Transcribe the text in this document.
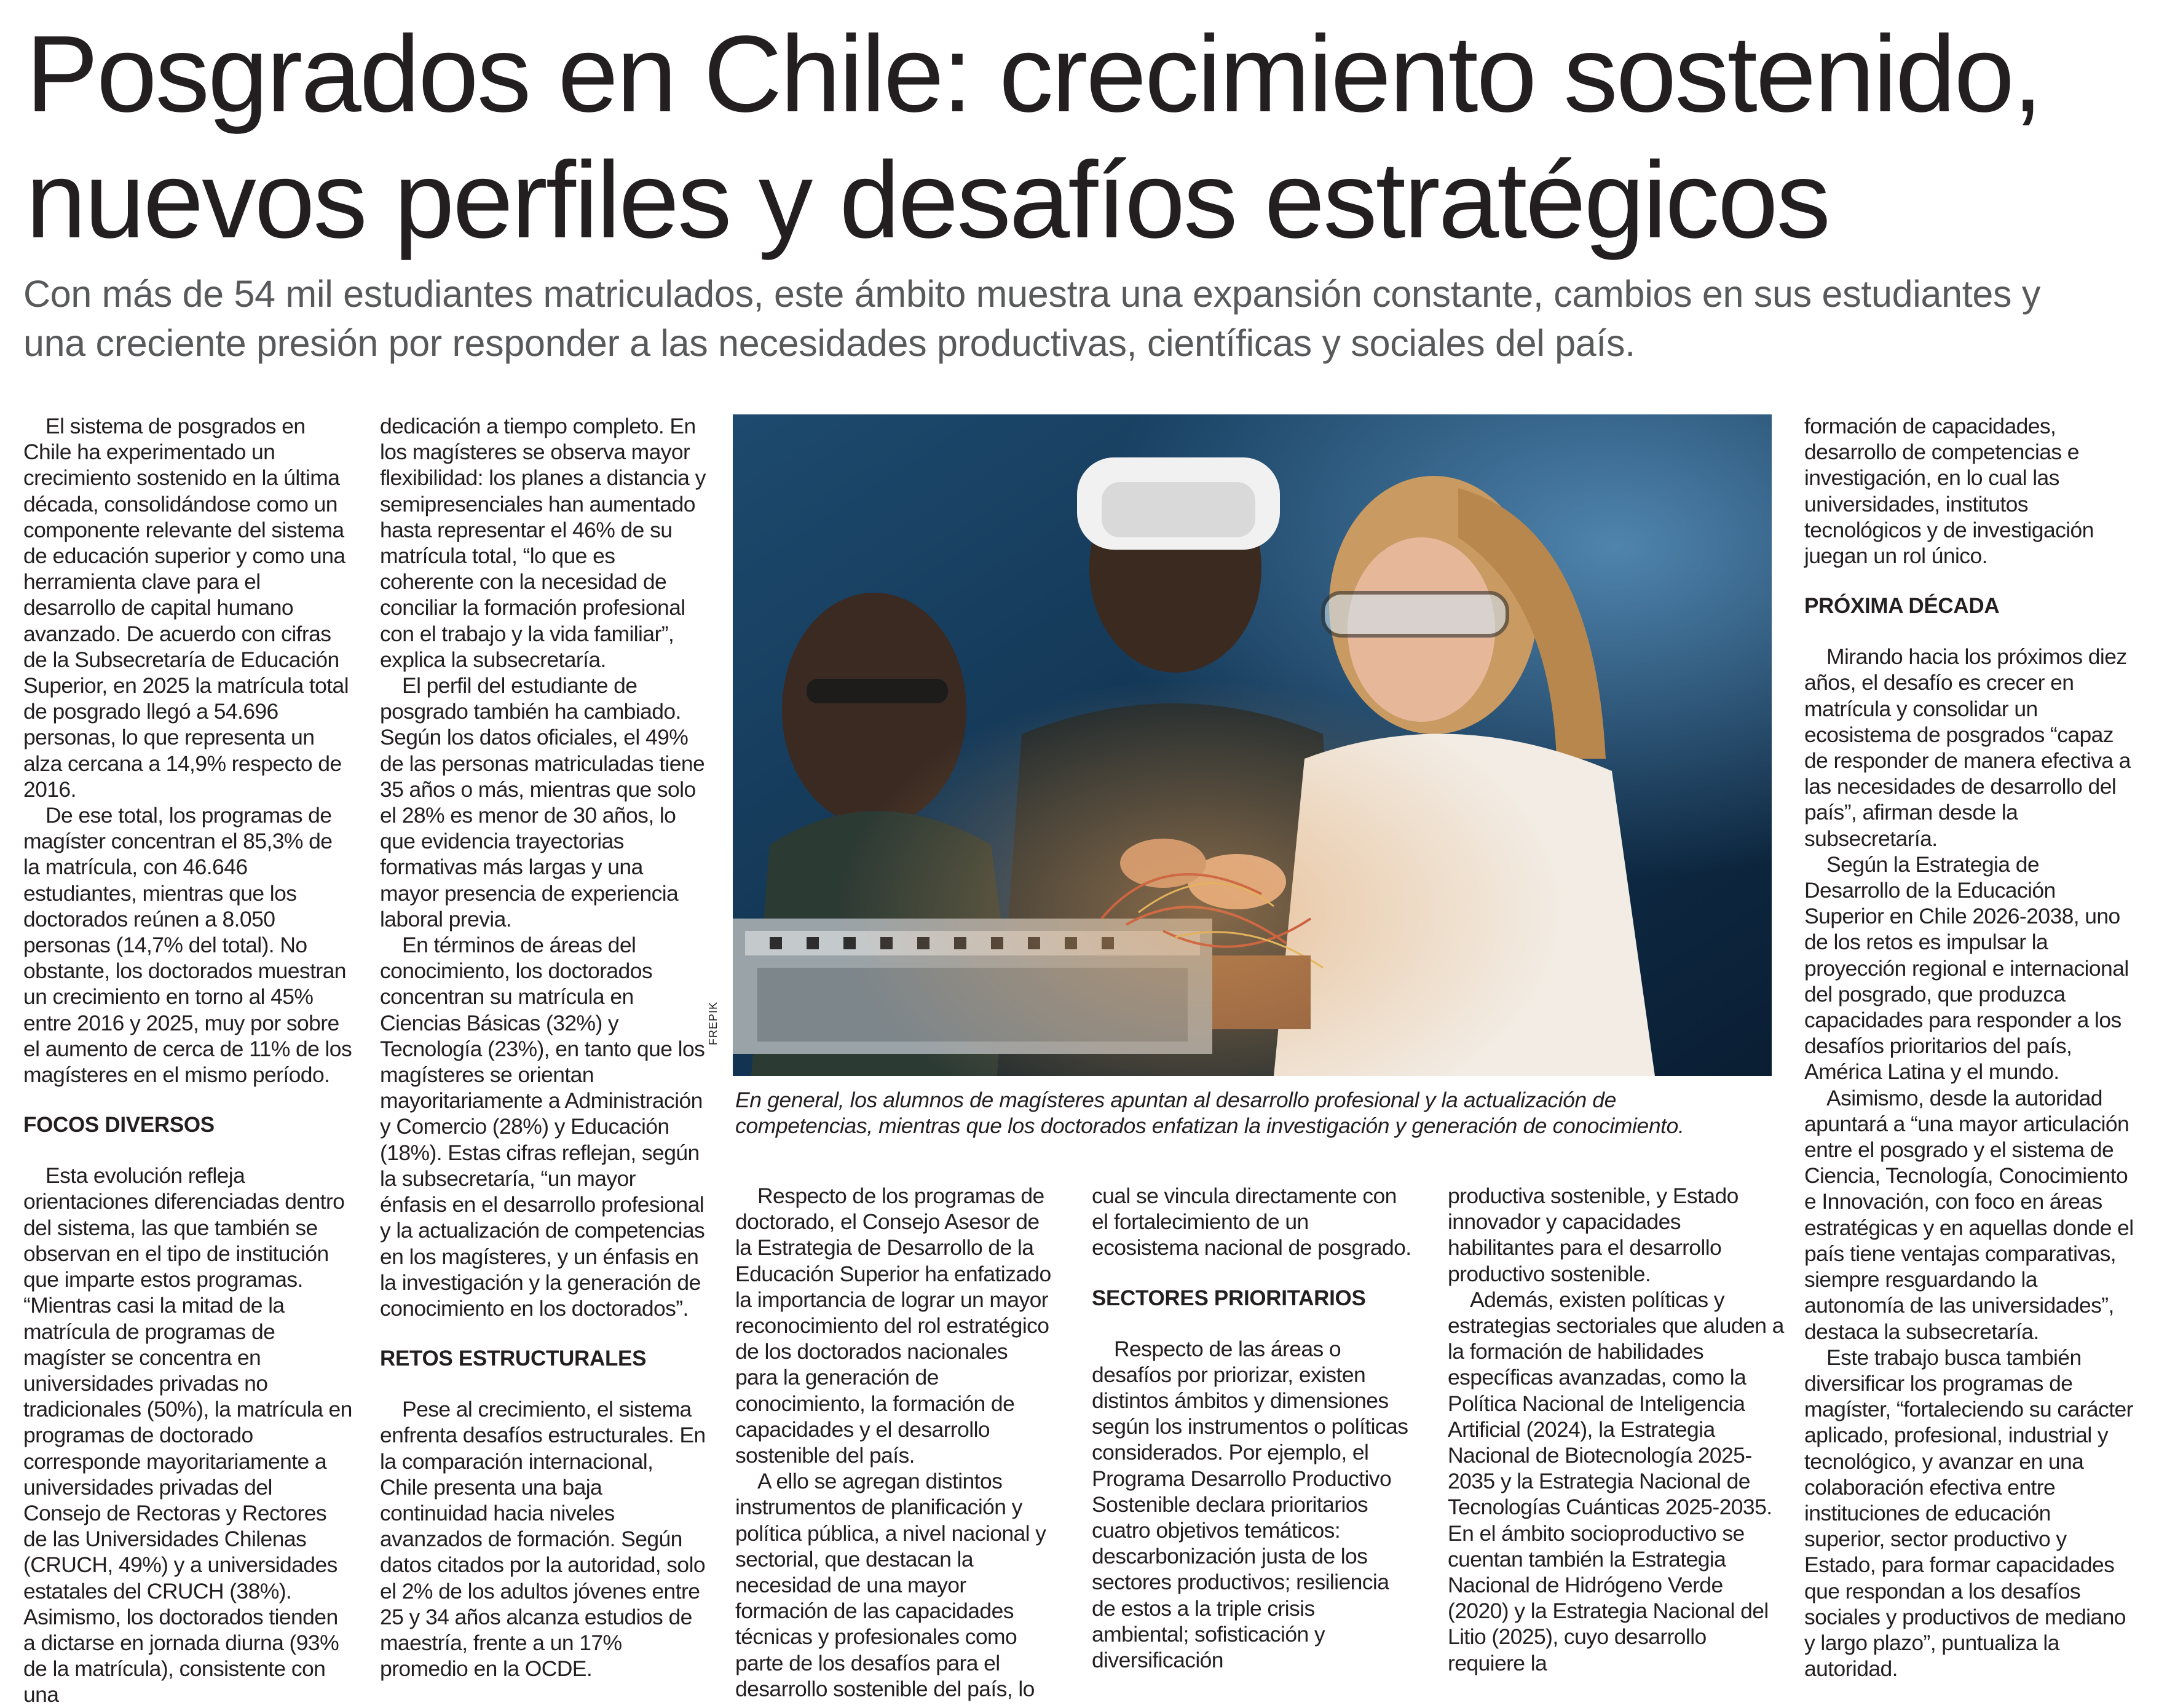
Posgrados en Chile: crecimiento sostenido,
nuevos perfiles y desafíos estratégicos
Con más de 54 mil estudiantes matriculados, este ámbito muestra una expansión constante, cambios en sus estudiantes y
una creciente presión por responder a las necesidades productivas, científicas y sociales del país.

El sistema de posgrados en Chile ha experimentado un crecimiento sostenido en la última década, consolidándose como un componente relevante del sistema de educación superior y como una herramienta clave para el desarrollo de capital humano avanzado. De acuerdo con cifras de la Subsecretaría de Educación Superior, en 2025 la matrícula total de posgrado llegó a 54.696 personas, lo que representa un alza cercana a 14,9% respecto de 2016.

De ese total, los programas de magíster concentran el 85,3% de la matrícula, con 46.646 estudiantes, mientras que los doctorados reúnen a 8.050 personas (14,7% del total). No obstante, los doctorados muestran un crecimiento en torno al 45% entre 2016 y 2025, muy por sobre el aumento de cerca de 11% de los magísteres en el mismo período.

FOCOS DIVERSOS

Esta evolución refleja orientaciones diferenciadas dentro del sistema, las que también se observan en el tipo de institución que imparte estos programas. “Mientras casi la mitad de la matrícula de programas de magíster se concentra en universidades privadas no tradicionales (50%), la matrícula en programas de doctorado corresponde mayoritariamente a universidades privadas del Consejo de Rectoras y Rectores de las Universidades Chilenas (CRUCH, 49%) y a universidades estatales del CRUCH (38%). Asimismo, los doctorados tienden a dictarse en jornada diurna (93% de la matrícula), consistente con una

dedicación a tiempo completo. En los magísteres se observa mayor flexibilidad: los planes a distancia y semipresenciales han aumentado hasta representar el 46% de su matrícula total, “lo que es coherente con la necesidad de conciliar la formación profesional con el trabajo y la vida familiar”, explica la subsecretaría.

El perfil del estudiante de posgrado también ha cambiado. Según los datos oficiales, el 49% de las personas matriculadas tiene 35 años o más, mientras que solo el 28% es menor de 30 años, lo que evidencia trayectorias formativas más largas y una mayor presencia de experiencia laboral previa.

En términos de áreas del conocimiento, los doctorados concentran su matrícula en Ciencias Básicas (32%) y Tecnología (23%), en tanto que los magísteres se orientan mayoritariamente a Administración y Comercio (28%) y Educación (18%). Estas cifras reflejan, según la subsecretaría, “un mayor énfasis en el desarrollo profesional y la actualización de competencias en los magísteres, y un énfasis en la investigación y la generación de conocimiento en los doctorados”.

RETOS ESTRUCTURALES

Pese al crecimiento, el sistema enfrenta desafíos estructurales. En la comparación internacional, Chile presenta una baja continuidad hacia niveles avanzados de formación. Según datos citados por la autoridad, solo el 2% de los adultos jóvenes entre 25 y 34 años alcanza estudios de maestría, frente a un 17% promedio en la OCDE.

FREPIK

En general, los alumnos de magísteres apuntan al desarrollo profesional y la actualización de
competencias, mientras que los doctorados enfatizan la investigación y generación de conocimiento.

Respecto de los programas de doctorado, el Consejo Asesor de la Estrategia de Desarrollo de la Educación Superior ha enfatizado la importancia de lograr un mayor reconocimiento del rol estratégico de los doctorados nacionales para la generación de conocimiento, la formación de capacidades y el desarrollo sostenible del país.

A ello se agregan distintos instrumentos de planificación y política pública, a nivel nacional y sectorial, que destacan la necesidad de una mayor formación de las capacidades técnicas y profesionales como parte de los desafíos para el desarrollo sostenible del país, lo

cual se vincula directamente con el fortalecimiento de un ecosistema nacional de posgrado.

SECTORES PRIORITARIOS

Respecto de las áreas o desafíos por priorizar, existen distintos ámbitos y dimensiones según los instrumentos o políticas considerados. Por ejemplo, el Programa Desarrollo Productivo Sostenible declara prioritarios cuatro objetivos temáticos: descarbonización justa de los sectores productivos; resiliencia de estos a la triple crisis ambiental; sofisticación y diversificación

productiva sostenible, y Estado innovador y capacidades habilitantes para el desarrollo productivo sostenible.

Además, existen políticas y estrategias sectoriales que aluden a la formación de habilidades específicas avanzadas, como la Política Nacional de Inteligencia Artificial (2024), la Estrategia Nacional de Biotecnología 2025-2035 y la Estrategia Nacional de Tecnologías Cuánticas 2025-2035. En el ámbito socioproductivo se cuentan también la Estrategia Nacional de Hidrógeno Verde (2020) y la Estrategia Nacional del Litio (2025), cuyo desarrollo requiere la

formación de capacidades, desarrollo de competencias e investigación, en lo cual las universidades, institutos tecnológicos y de investigación juegan un rol único.

PRÓXIMA DÉCADA

Mirando hacia los próximos diez años, el desafío es crecer en matrícula y consolidar un ecosistema de posgrados “capaz de responder de manera efectiva a las necesidades de desarrollo del país”, afirman desde la subsecretaría.

Según la Estrategia de Desarrollo de la Educación Superior en Chile 2026-2038, uno de los retos es impulsar la proyección regional e internacional del posgrado, que produzca capacidades para responder a los desafíos prioritarios del país, América Latina y el mundo.

Asimismo, desde la autoridad apuntará a “una mayor articulación entre el posgrado y el sistema de Ciencia, Tecnología, Conocimiento e Innovación, con foco en áreas estratégicas y en aquellas donde el país tiene ventajas comparativas, siempre resguardando la autonomía de las universidades”, destaca la subsecretaría.

Este trabajo busca también diversificar los programas de magíster, “fortaleciendo su carácter aplicado, profesional, industrial y tecnológico, y avanzar en una colaboración efectiva entre instituciones de educación superior, sector productivo y Estado, para formar capacidades que respondan a los desafíos sociales y productivos de mediano y largo plazo”, puntualiza la autoridad.
